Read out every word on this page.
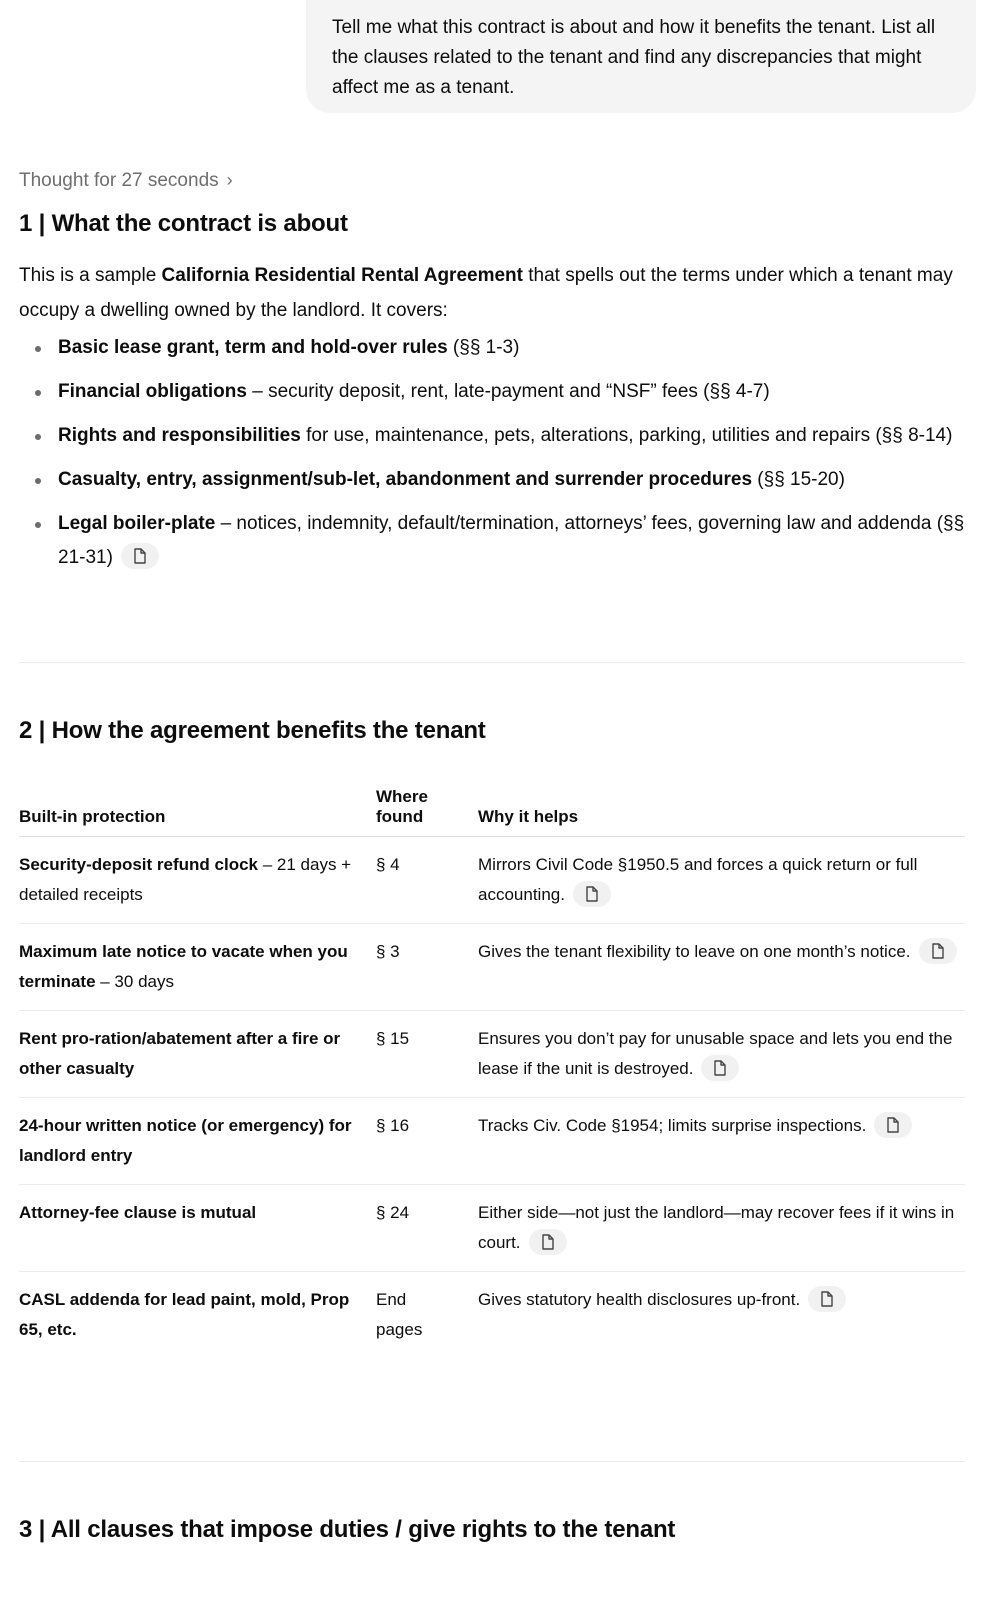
Tell me what this contract is about and how it benefits the tenant. List all the clauses related to the tenant and find any discrepancies that might affect me as a tenant.
Thought for 27 seconds ›
1 | What the contract is about

This is a sample California Residential Rental Agreement that spells out the terms under which a tenant may occupy a dwelling owned by the landlord. It covers:

Basic lease grant, term and hold-over rules (§§ 1-3)
Financial obligations – security deposit, rent, late-payment and “NSF” fees (§§ 4-7)
Rights and responsibilities for use, maintenance, pets, alterations, parking, utilities and repairs (§§ 8-14)
Casualty, entry, assignment/sub-let, abandonment and surrender procedures (§§ 15-20)
Legal boiler-plate – notices, indemnity, default/termination, attorneys’ fees, governing law and addenda (§§ 21-31)
2 | How the agreement benefits the tenant
Built-in protection	Where found	Why it helps
Security-deposit refund clock – 21 days + detailed receipts	§ 4	Mirrors Civil Code §1950.5 and forces a quick return or full accounting.

Maximum late notice to vacate when you terminate – 30 days	§ 3	Gives the tenant flexibility to leave on one month’s notice.

Rent pro-ration/abatement after a fire or other casualty	§ 15	Ensures you don’t pay for unusable space and lets you end the lease if the unit is destroyed.

24-hour written notice (or emergency) for landlord entry	§ 16	Tracks Civ. Code §1954; limits surprise inspections.

Attorney-fee clause is mutual	§ 24	Either side—not just the landlord—may recover fees if it wins in court.

CASL addenda for lead paint, mold, Prop 65, etc.	End pages	Gives statutory health disclosures up-front.
3 | All clauses that impose duties / give rights to the tenant
